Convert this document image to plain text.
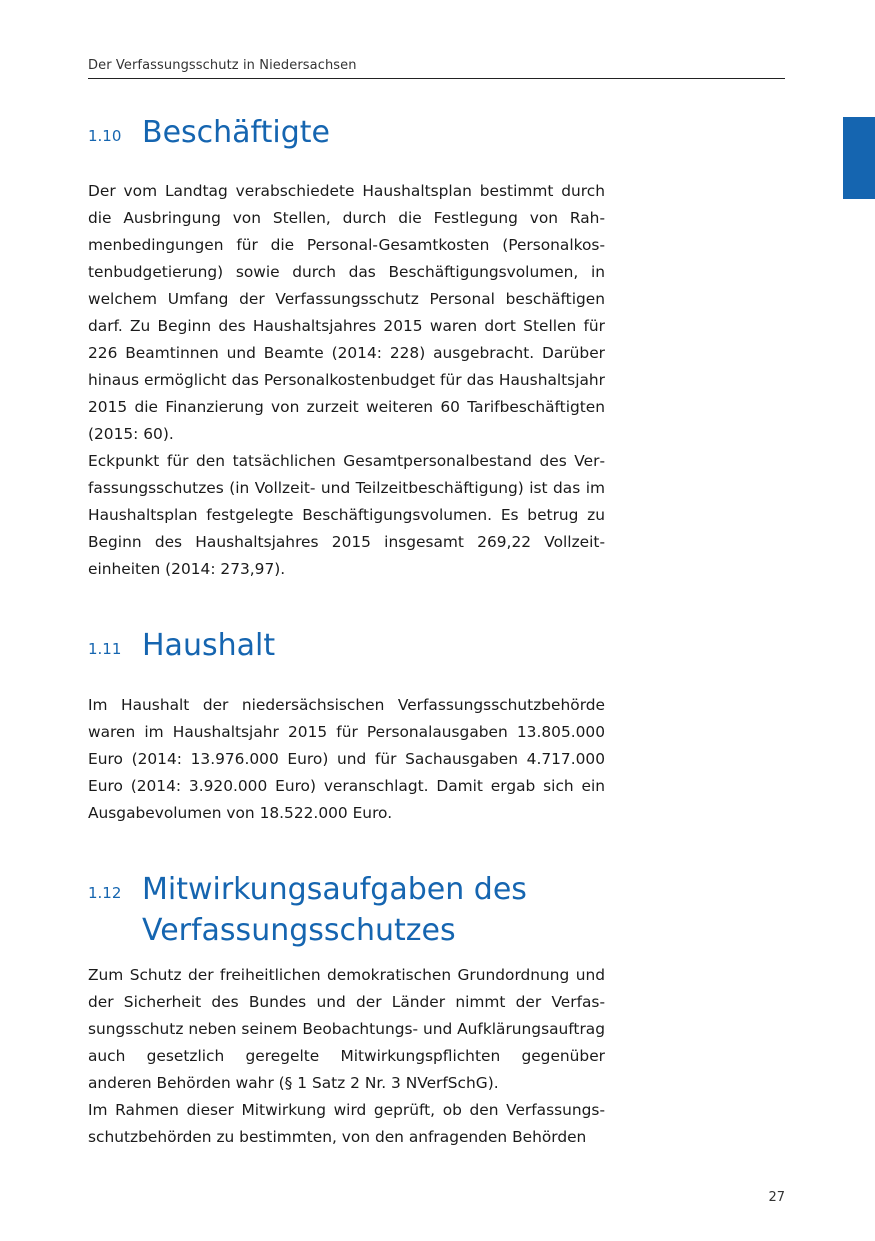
Der Verfassungsschutz in Niedersachsen
1.10 Beschäftigte

Der vom Landtag verabschiedete Haushaltsplan bestimmt durch die Ausbringung von Stellen, durch die Festlegung von Rahmenbedingungen für die Personal-Gesamtkosten (Personalkostenbudgetierung) sowie durch das Beschäftigungsvolumen, in welchem Umfang der Verfassungsschutz Personal beschäftigen darf. Zu Beginn des Haushaltsjahres 2015 waren dort Stellen für 226 Beamtinnen und Beamte (2014: 228) ausgebracht. Darüber hinaus ermöglicht das Personalkostenbudget für das Haushaltsjahr 2015 die Finanzierung von zurzeit weiteren 60 Tarifbeschäftigten (2015: 60).

Eckpunkt für den tatsächlichen Gesamtpersonalbestand des Verfassungsschutzes (in Vollzeit- und Teilzeitbeschäftigung) ist das im Haushaltsplan festgelegte Beschäftigungsvolumen. Es betrug zu Beginn des Haushaltsjahres 2015 insgesamt 269,22 Vollzeiteinheiten (2014: 273,97).

1.11 Haushalt

Im Haushalt der niedersächsischen Verfassungsschutzbehörde waren im Haushaltsjahr 2015 für Personalausgaben 13.805.000 Euro (2014: 13.976.000 Euro) und für Sachausgaben 4.717.000 Euro (2014: 3.920.000 Euro) veranschlagt. Damit ergab sich ein Ausgabevolumen von 18.522.000 Euro.

1.12 Mitwirkungsaufgaben des Verfassungsschutzes

Zum Schutz der freiheitlichen demokratischen Grundordnung und der Sicherheit des Bundes und der Länder nimmt der Verfassungsschutz neben seinem Beobachtungs- und Aufklärungsauftrag auch gesetzlich geregelte Mitwirkungspflichten gegenüber anderen Behörden wahr (§ 1 Satz 2 Nr. 3 NVerfSchG).

Im Rahmen dieser Mitwirkung wird geprüft, ob den Verfassungsschutzbehörden zu bestimmten, von den anfragenden Behörden

27
